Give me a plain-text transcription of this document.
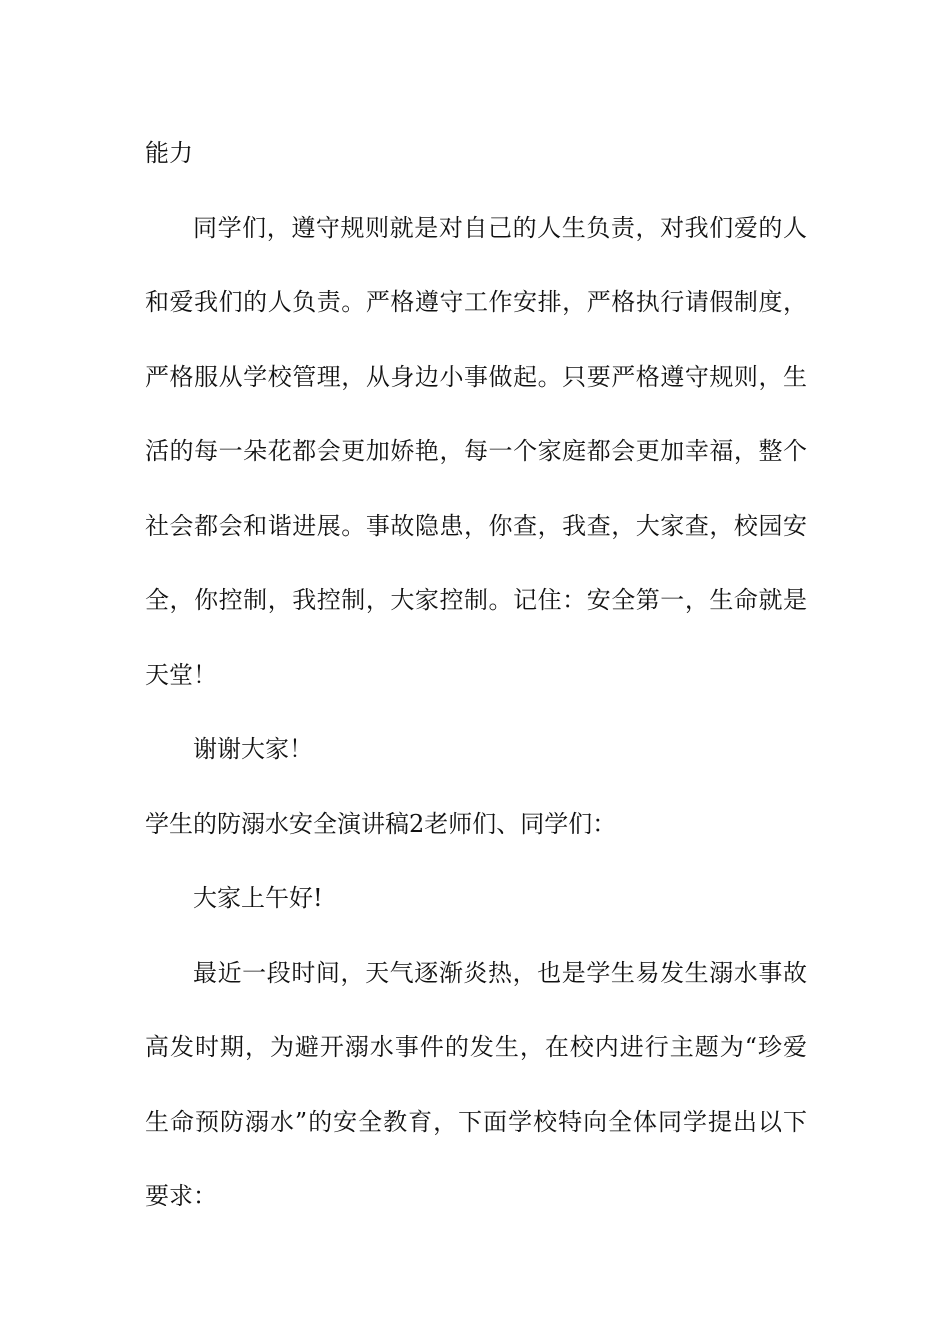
能力
同学们，遵守规则就是对自己的人生负责，对我们爱的人
和爱我们的人负责。严格遵守工作安排，严格执行请假制度，
严格服从学校管理，从身边小事做起。只要严格遵守规则，生
活的每一朵花都会更加娇艳，每一个家庭都会更加幸福，整个
社会都会和谐进展。事故隐患，你查，我查，大家查，校园安
全，你控制，我控制，大家控制。记住：安全第一，生命就是
天堂！
谢谢大家！
学生的防溺水安全演讲稿2老师们、同学们：
大家上午好!
最近一段时间，天气逐渐炎热，也是学生易发生溺水事故
高发时期，为避开溺水事件的发生，在校内进行主题为“珍爱
生命预防溺水”的安全教育，下面学校特向全体同学提出以下
要求：
